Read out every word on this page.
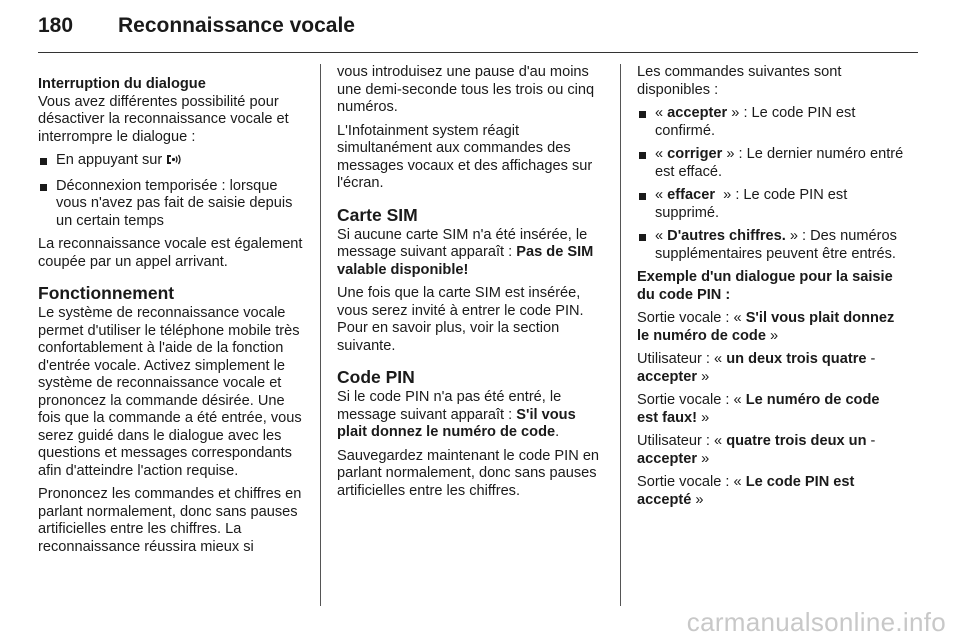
180 Reconnaissance vocale
Interruption du dialogue

Vous avez différentes possibilité pour désactiver la reconnaissance vocale et interrompre le dialogue :

En appuyant sur
Déconnexion temporisée : lorsque vous n'avez pas fait de saisie depuis un certain temps

La reconnaissance vocale est également coupée par un appel arrivant.

Fonctionnement

Le système de reconnaissance vocale permet d'utiliser le téléphone mobile très confortablement à l'aide de la fonction d'entrée vocale. Activez simplement le système de reconnaissance vocale et prononcez la commande désirée. Une fois que la commande a été entrée, vous serez guidé dans le dialogue avec les questions et messages correspondants afin d'atteindre l'action requise.

Prononcez les commandes et chiffres en parlant normalement, donc sans pauses artificielles entre les chiffres. La reconnaissance réussira mieux si

vous introduisez une pause d'au moins une demi-seconde tous les trois ou cinq numéros.

L'Infotainment system réagit simultanément aux commandes des messages vocaux et des affichages sur l'écran.

Carte SIM

Si aucune carte SIM n'a été insérée, le message suivant apparaît : Pas de SIM valable disponible!

Une fois que la carte SIM est insérée, vous serez invité à entrer le code PIN. Pour en savoir plus, voir la section suivante.

Code PIN

Si le code PIN n'a pas été entré, le message suivant apparaît : S'il vous plait donnez le numéro de code.

Sauvegardez maintenant le code PIN en parlant normalement, donc sans pauses artificielles entre les chiffres.

Les commandes suivantes sont disponibles :

« accepter » : Le code PIN est confirmé.
« corriger » : Le dernier numéro entré est effacé.
« effacer  » : Le code PIN est supprimé.
« D'autres chiffres. » : Des numéros supplémentaires peuvent être entrés.

Exemple d'un dialogue pour la saisie du code PIN :

Sortie vocale : « S'il vous plait donnez le numéro de code »

Utilisateur : « un deux trois quatre - accepter »

Sortie vocale : « Le numéro de code est faux! »

Utilisateur : « quatre trois deux un - accepter »

Sortie vocale : « Le code PIN est accepté »

carmanualsonline.info
